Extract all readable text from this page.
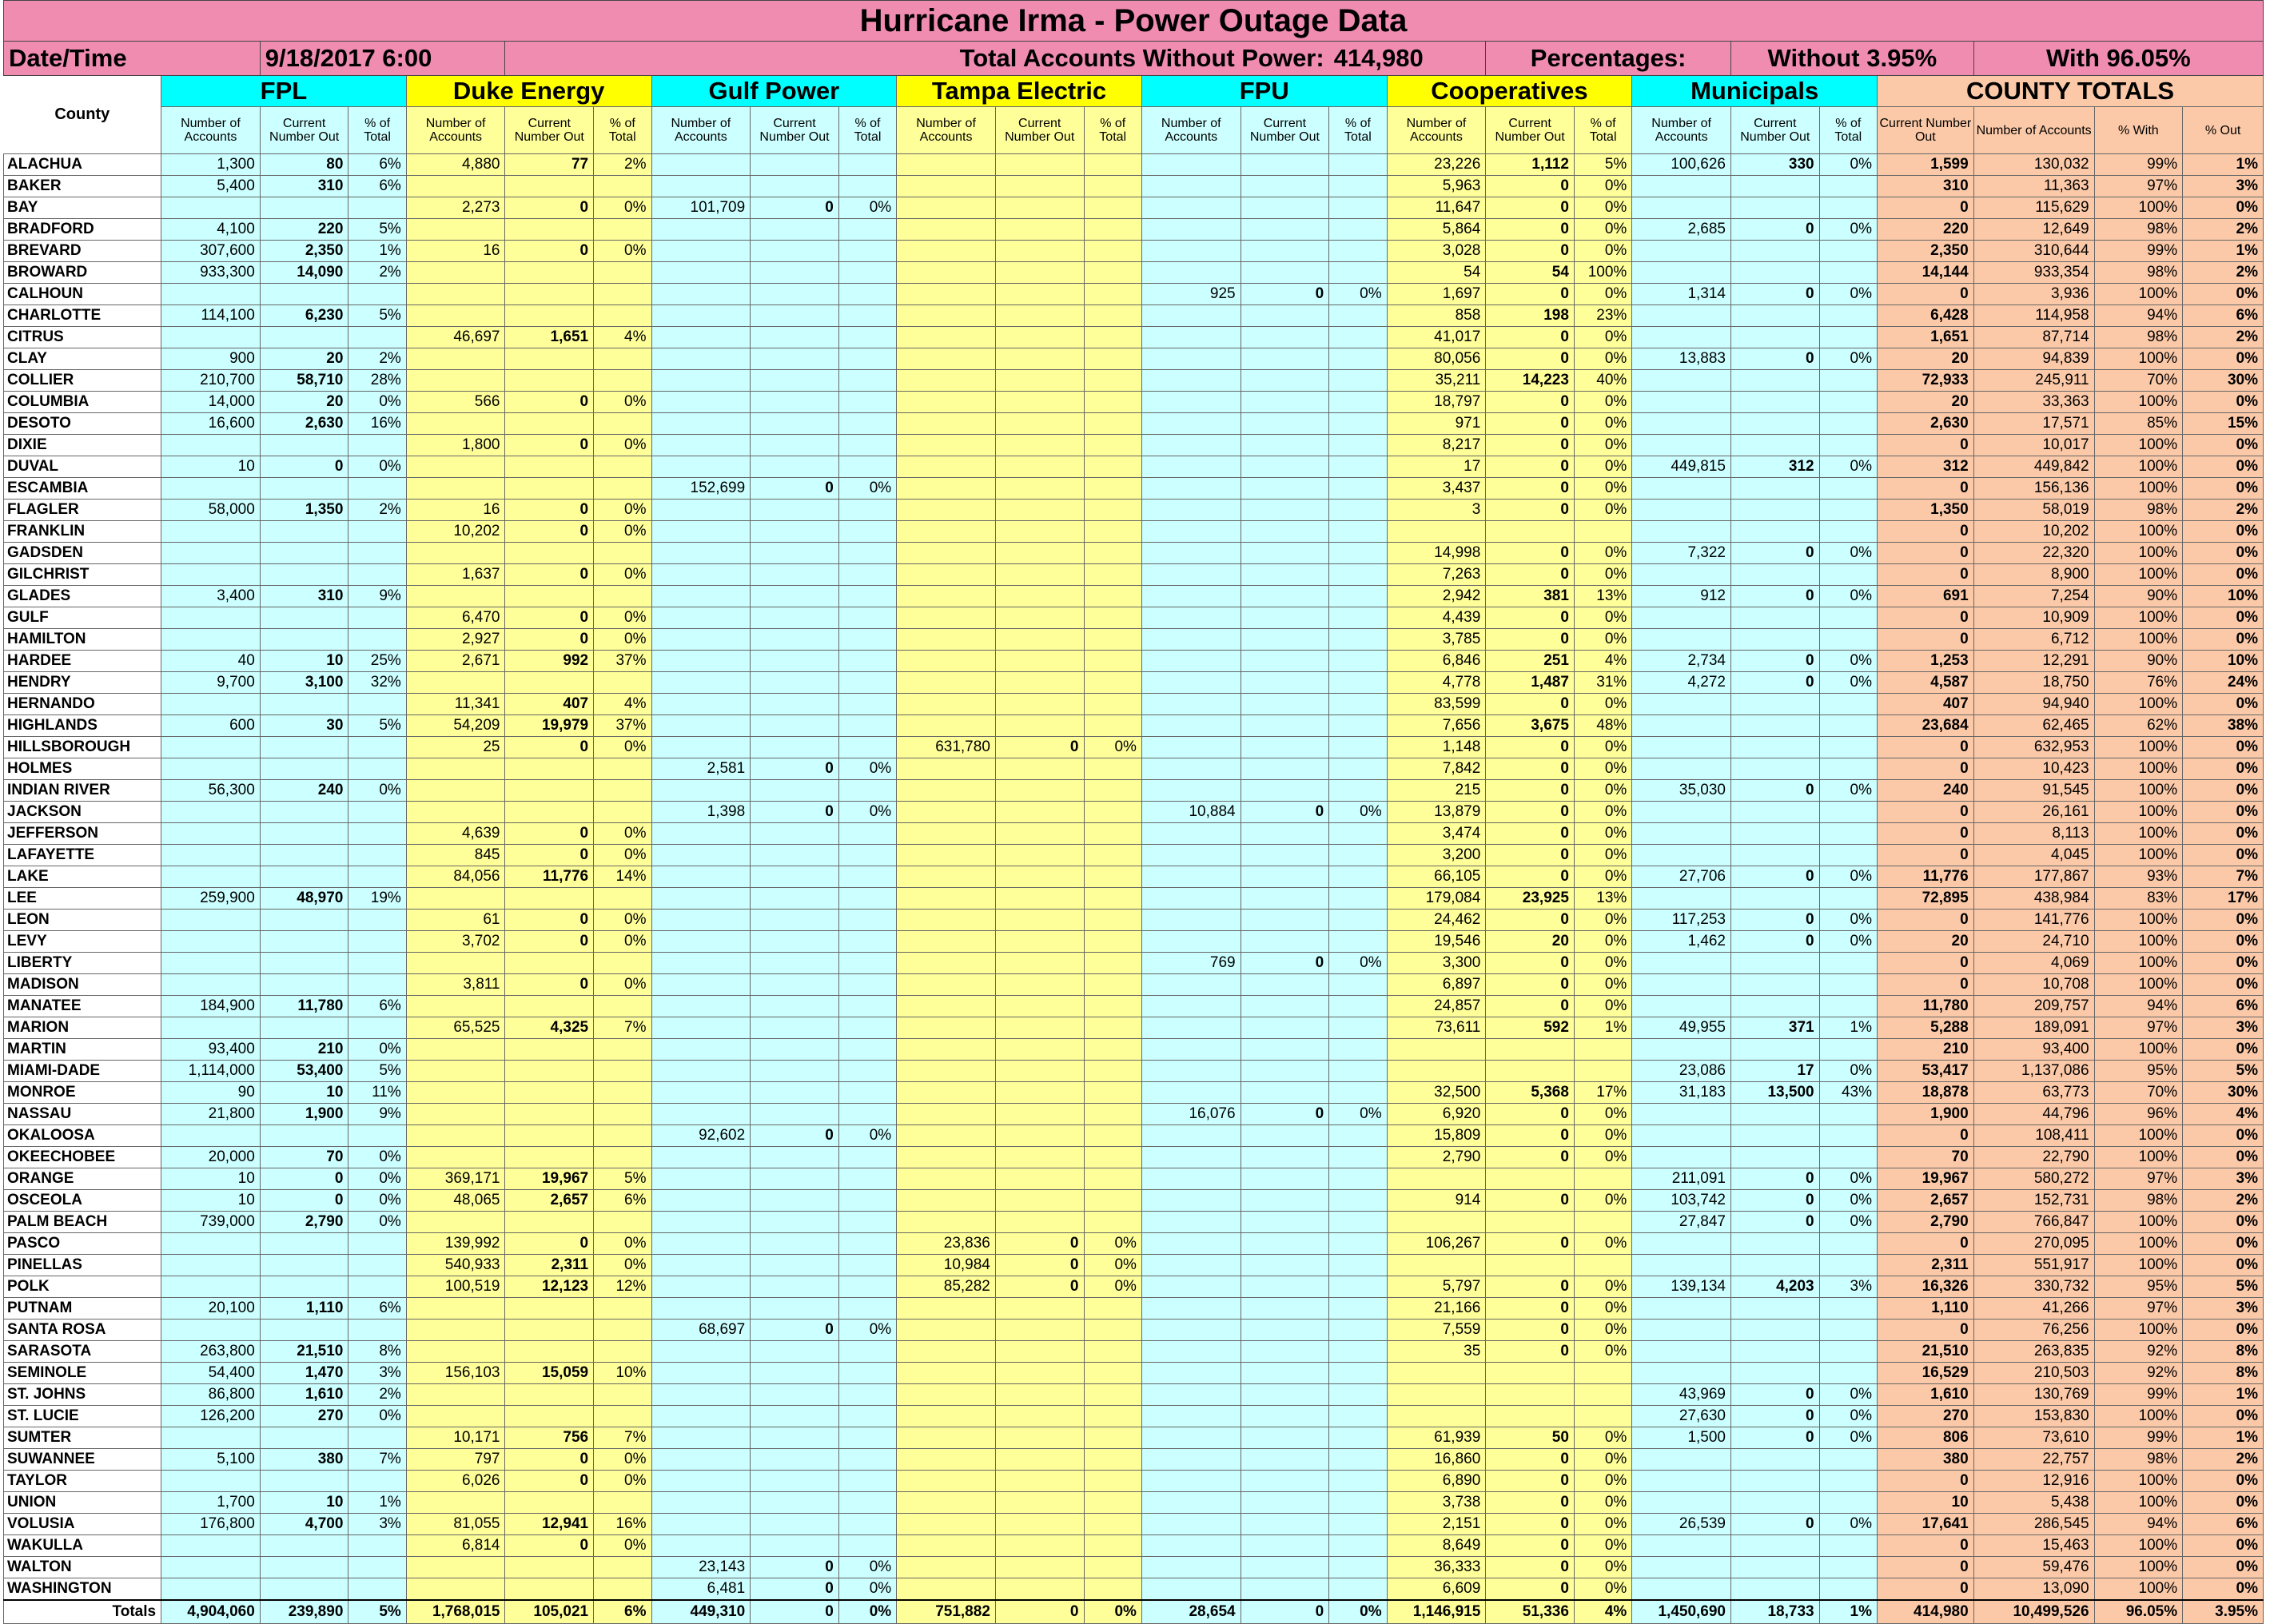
Hurricane Irma - Power Outage Data																									
Date/Time		9/18/2017 6:00							Total Accounts Without Power:						414,980		Percentages:			Without 3.95%			With 96.05%		
County	FPL			Duke Energy			Gulf Power			Tampa Electric			FPU			Cooperatives			Municipals			COUNTY TOTALS			
	Number of Accounts	Current Number Out	% of Total	Number of Accounts	Current Number Out	% of Total	Number of Accounts	Current Number Out	% of Total	Number of Accounts	Current Number Out	% of Total	Number of Accounts	Current Number Out	% of Total	Number of Accounts	Current Number Out	% of Total	Number of Accounts	Current Number Out	% of Total	Current Number Out	Number of Accounts	% With	% Out
ALACHUA	1,300	80	6%	4,880	77	2%										23,226	1,112	5%	100,626	330	0%	1,599	130,032	99%	1%
BAKER	5,400	310	6%													5,963	0	0%				310	11,363	97%	3%
BAY				2,273	0	0%	101,709	0	0%							11,647	0	0%				0	115,629	100%	0%
BRADFORD	4,100	220	5%													5,864	0	0%	2,685	0	0%	220	12,649	98%	2%
BREVARD	307,600	2,350	1%	16	0	0%										3,028	0	0%				2,350	310,644	99%	1%
BROWARD	933,300	14,090	2%													54	54	100%				14,144	933,354	98%	2%
CALHOUN													925	0	0%	1,697	0	0%	1,314	0	0%	0	3,936	100%	0%
CHARLOTTE	114,100	6,230	5%													858	198	23%				6,428	114,958	94%	6%
CITRUS				46,697	1,651	4%										41,017	0	0%				1,651	87,714	98%	2%
CLAY	900	20	2%													80,056	0	0%	13,883	0	0%	20	94,839	100%	0%
COLLIER	210,700	58,710	28%													35,211	14,223	40%				72,933	245,911	70%	30%
COLUMBIA	14,000	20	0%	566	0	0%										18,797	0	0%				20	33,363	100%	0%
DESOTO	16,600	2,630	16%													971	0	0%				2,630	17,571	85%	15%
DIXIE				1,800	0	0%										8,217	0	0%				0	10,017	100%	0%
DUVAL	10	0	0%													17	0	0%	449,815	312	0%	312	449,842	100%	0%
ESCAMBIA							152,699	0	0%							3,437	0	0%				0	156,136	100%	0%
FLAGLER	58,000	1,350	2%	16	0	0%										3	0	0%				1,350	58,019	98%	2%
FRANKLIN				10,202	0	0%																0	10,202	100%	0%
GADSDEN																14,998	0	0%	7,322	0	0%	0	22,320	100%	0%
GILCHRIST				1,637	0	0%										7,263	0	0%				0	8,900	100%	0%
GLADES	3,400	310	9%													2,942	381	13%	912	0	0%	691	7,254	90%	10%
GULF				6,470	0	0%										4,439	0	0%				0	10,909	100%	0%
HAMILTON				2,927	0	0%										3,785	0	0%				0	6,712	100%	0%
HARDEE	40	10	25%	2,671	992	37%										6,846	251	4%	2,734	0	0%	1,253	12,291	90%	10%
HENDRY	9,700	3,100	32%													4,778	1,487	31%	4,272	0	0%	4,587	18,750	76%	24%
HERNANDO				11,341	407	4%										83,599	0	0%				407	94,940	100%	0%
HIGHLANDS	600	30	5%	54,209	19,979	37%										7,656	3,675	48%				23,684	62,465	62%	38%
HILLSBOROUGH				25	0	0%				631,780	0	0%				1,148	0	0%				0	632,953	100%	0%
HOLMES							2,581	0	0%							7,842	0	0%				0	10,423	100%	0%
INDIAN RIVER	56,300	240	0%													215	0	0%	35,030	0	0%	240	91,545	100%	0%
JACKSON							1,398	0	0%				10,884	0	0%	13,879	0	0%				0	26,161	100%	0%
JEFFERSON				4,639	0	0%										3,474	0	0%				0	8,113	100%	0%
LAFAYETTE				845	0	0%										3,200	0	0%				0	4,045	100%	0%
LAKE				84,056	11,776	14%										66,105	0	0%	27,706	0	0%	11,776	177,867	93%	7%
LEE	259,900	48,970	19%													179,084	23,925	13%				72,895	438,984	83%	17%
LEON				61	0	0%										24,462	0	0%	117,253	0	0%	0	141,776	100%	0%
LEVY				3,702	0	0%										19,546	20	0%	1,462	0	0%	20	24,710	100%	0%
LIBERTY													769	0	0%	3,300	0	0%				0	4,069	100%	0%
MADISON				3,811	0	0%										6,897	0	0%				0	10,708	100%	0%
MANATEE	184,900	11,780	6%													24,857	0	0%				11,780	209,757	94%	6%
MARION				65,525	4,325	7%										73,611	592	1%	49,955	371	1%	5,288	189,091	97%	3%
MARTIN	93,400	210	0%																			210	93,400	100%	0%
MIAMI-DADE	1,114,000	53,400	5%																23,086	17	0%	53,417	1,137,086	95%	5%
MONROE	90	10	11%													32,500	5,368	17%	31,183	13,500	43%	18,878	63,773	70%	30%
NASSAU	21,800	1,900	9%										16,076	0	0%	6,920	0	0%				1,900	44,796	96%	4%
OKALOOSA							92,602	0	0%							15,809	0	0%				0	108,411	100%	0%
OKEECHOBEE	20,000	70	0%													2,790	0	0%				70	22,790	100%	0%
ORANGE	10	0	0%	369,171	19,967	5%													211,091	0	0%	19,967	580,272	97%	3%
OSCEOLA	10	0	0%	48,065	2,657	6%										914	0	0%	103,742	0	0%	2,657	152,731	98%	2%
PALM BEACH	739,000	2,790	0%																27,847	0	0%	2,790	766,847	100%	0%
PASCO				139,992	0	0%				23,836	0	0%				106,267	0	0%				0	270,095	100%	0%
PINELLAS				540,933	2,311	0%				10,984	0	0%										2,311	551,917	100%	0%
POLK				100,519	12,123	12%				85,282	0	0%				5,797	0	0%	139,134	4,203	3%	16,326	330,732	95%	5%
PUTNAM	20,100	1,110	6%													21,166	0	0%				1,110	41,266	97%	3%
SANTA ROSA							68,697	0	0%							7,559	0	0%				0	76,256	100%	0%
SARASOTA	263,800	21,510	8%													35	0	0%				21,510	263,835	92%	8%
SEMINOLE	54,400	1,470	3%	156,103	15,059	10%																16,529	210,503	92%	8%
ST. JOHNS	86,800	1,610	2%																43,969	0	0%	1,610	130,769	99%	1%
ST. LUCIE	126,200	270	0%																27,630	0	0%	270	153,830	100%	0%
SUMTER				10,171	756	7%										61,939	50	0%	1,500	0	0%	806	73,610	99%	1%
SUWANNEE	5,100	380	7%	797	0	0%										16,860	0	0%				380	22,757	98%	2%
TAYLOR				6,026	0	0%										6,890	0	0%				0	12,916	100%	0%
UNION	1,700	10	1%													3,738	0	0%				10	5,438	100%	0%
VOLUSIA	176,800	4,700	3%	81,055	12,941	16%										2,151	0	0%	26,539	0	0%	17,641	286,545	94%	6%
WAKULLA				6,814	0	0%										8,649	0	0%				0	15,463	100%	0%
WALTON							23,143	0	0%							36,333	0	0%				0	59,476	100%	0%
WASHINGTON							6,481	0	0%							6,609	0	0%				0	13,090	100%	0%
Totals	4,904,060	239,890	5%	1,768,015	105,021	6%	449,310	0	0%	751,882	0	0%	28,654	0	0%	1,146,915	51,336	4%	1,450,690	18,733	1%	414,980	10,499,526	96.05%	3.95%
